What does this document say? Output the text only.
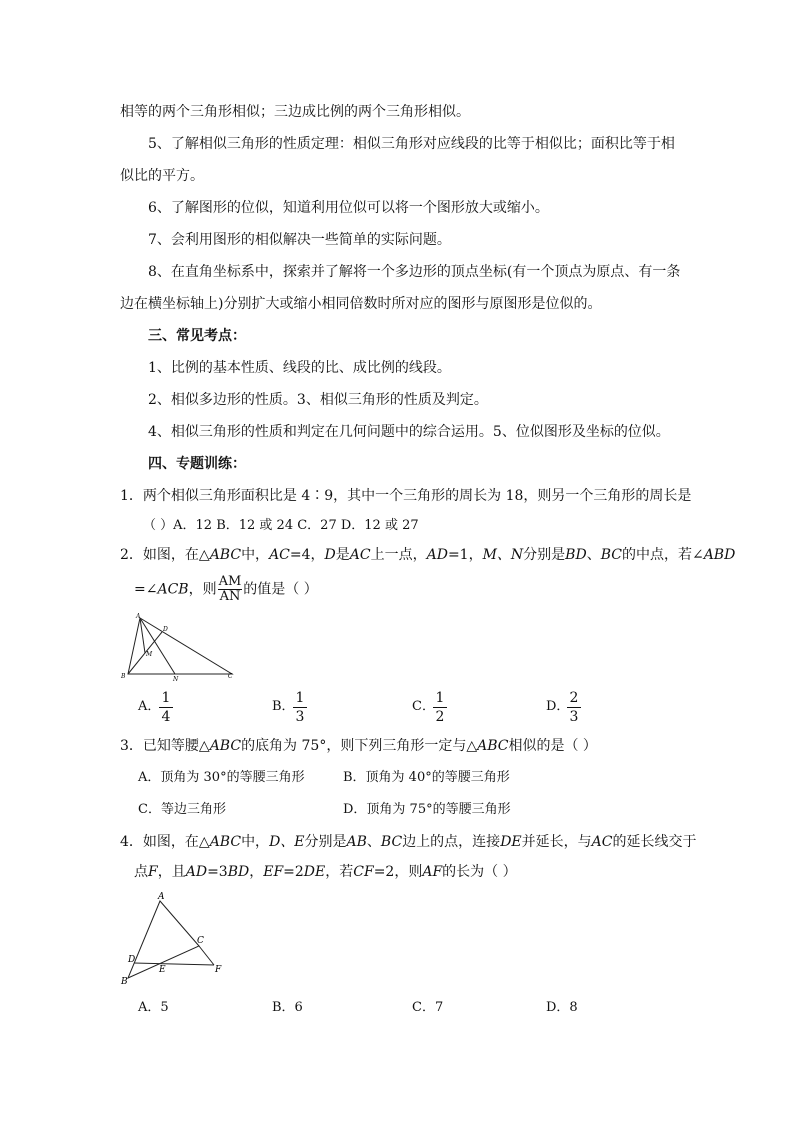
相等的两个三角形相似；三边成比例的两个三角形相似。
5、了解相似三角形的性质定理：相似三角形对应线段的比等于相似比；面积比等于相
似比的平方。
6、了解图形的位似，知道利用位似可以将一个图形放大或缩小。
7、会利用图形的相似解决一些简单的实际问题。
8、在直角坐标系中，探索并了解将一个多边形的顶点坐标(有一个顶点为原点、有一条
边在横坐标轴上)分别扩大或缩小相同倍数时所对应的图形与原图形是位似的。
三、常见考点：
1、比例的基本性质、线段的比、成比例的线段。
2、相似多边形的性质。3、相似三角形的性质及判定。
4、相似三角形的性质和判定在几何问题中的综合运用。5、位似图形及坐标的位似。
四、专题训练：
1．两个相似三角形面积比是 4∶9，其中一个三角形的周长为 18，则另一个三角形的周长是
（ ）A．12 B．12 或 24 C．27 D．12 或 27
2．如图，在△ABC中，AC=4，D是AC上一点，AD=1，M、N分别是BD、BC的中点，若∠ABD
=∠ACB，则 $\frac{AM}{AN}$ 的值是（ ）
A
D
M
B	N	C
A．
$\frac{1}{4}$	B．
$\frac{1}{3}$	C．
$\frac{1}{2}$	D．
$\frac{2}{3}$
3．已知等腰△ABC的底角为 75°，则下列三角形一定与△ABC相似的是（ ）
A．顶角为 30°的等腰三角形	B．顶角为 40°的等腰三角形
C．等边三角形	D．顶角为 75°的等腰三角形
4．如图，在△ABC中，D、E分别是AB、BC边上的点，连接DE并延长，与AC的延长线交于
点F，且AD=3BD，EF=2DE，若CF=2，则AF的长为（ ）
A
C
D
E	F
B
A．5	B．6	C．7	D．8
